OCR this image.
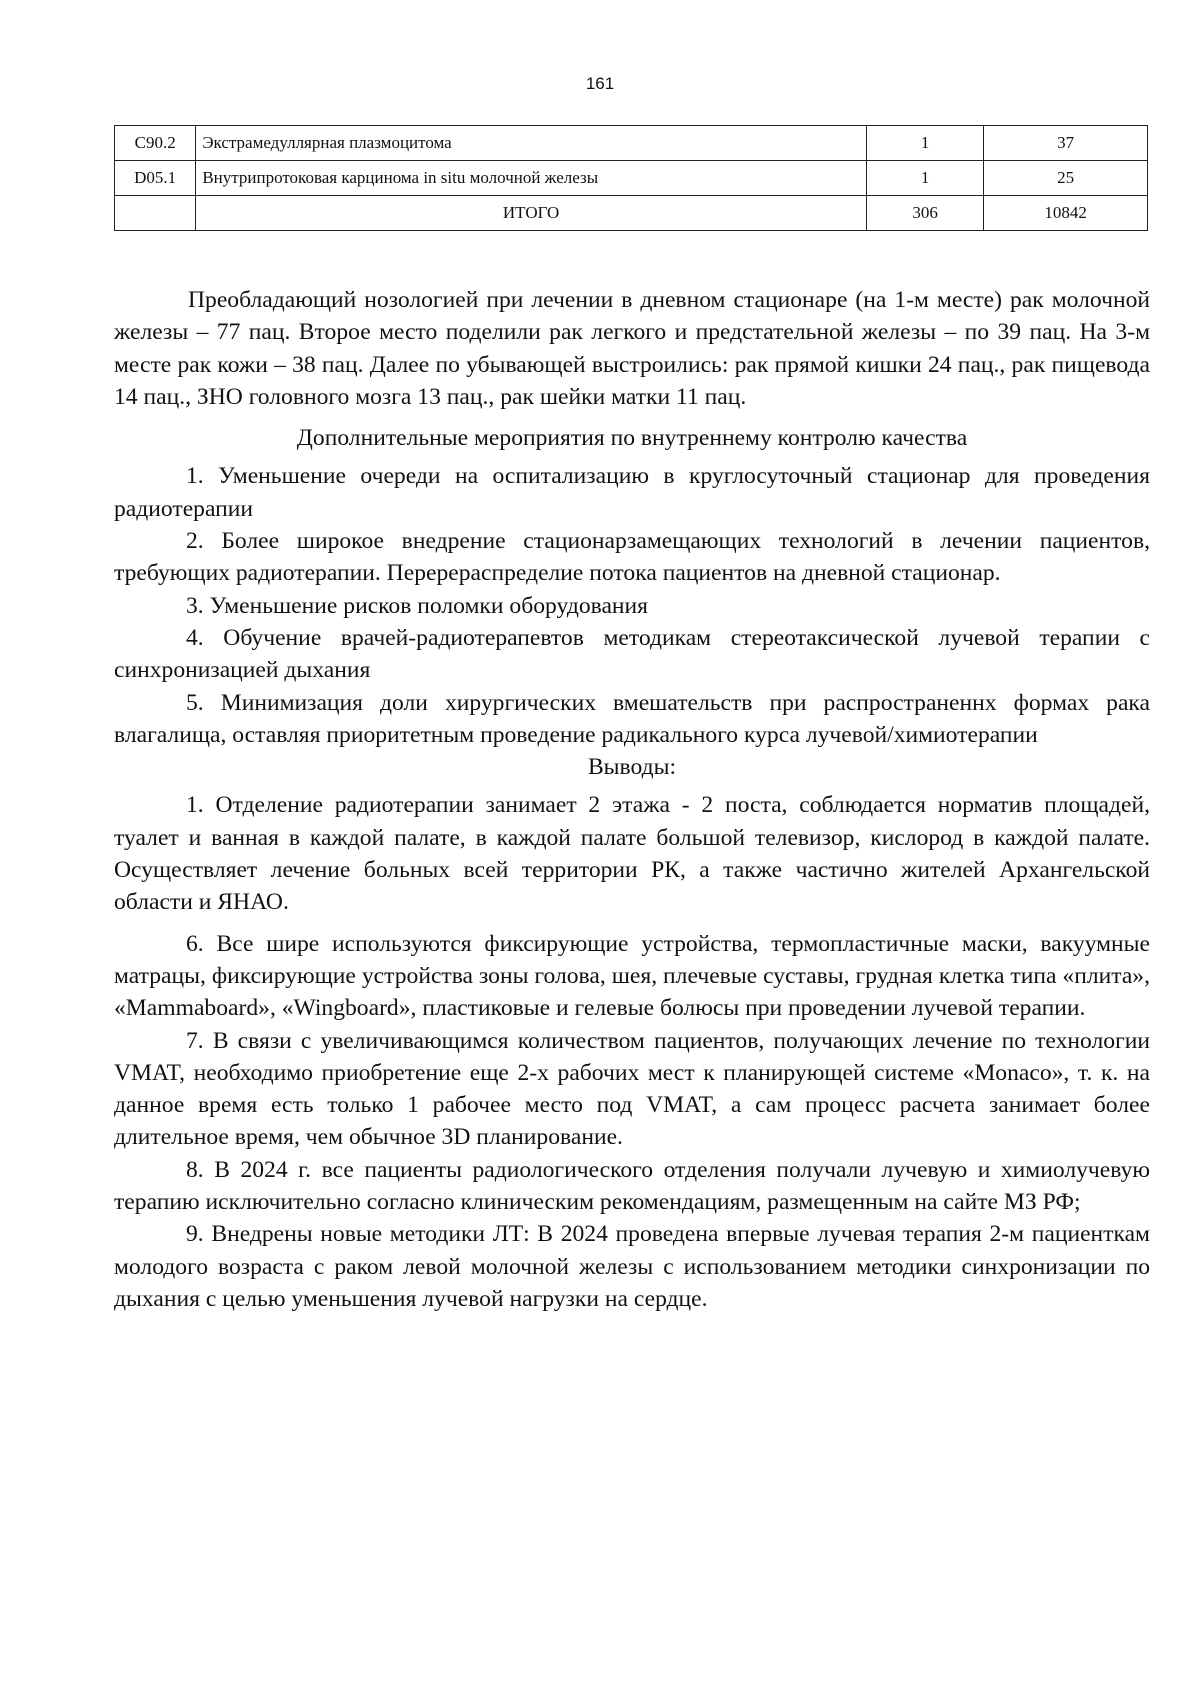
161
C90.2	Экстрамедуллярная плазмоцитома	1	37
D05.1	Внутрипротоковая карцинома in situ молочной железы	1	25
	ИТОГО	306	10842

Преобладающий нозологией при лечении в дневном стационаре (на 1-м месте) рак молочной железы – 77 пац. Второе место поделили рак легкого и предстательной железы – по 39 пац. На 3-м месте рак кожи – 38 пац. Далее по убывающей выстроились: рак прямой кишки 24 пац., рак пищевода 14 пац., ЗНО головного мозга 13 пац., рак шейки матки 11 пац.

Дополнительные мероприятия по внутреннему контролю качества

1. Уменьшение очереди на оспитализацию в круглосуточный стационар для проведения радиотерапии

2. Более широкое внедрение стационарзамещающих технологий в лечении пациентов, требующих радиотерапии. Перерераспределие потока пациентов на дневной стационар.

3. Уменьшение рисков поломки оборудования

4. Обучение врачей-радиотерапевтов методикам стереотаксической лучевой терапии с синхронизацией дыхания

5. Минимизация доли хирургических вмешательств при распространеннх формах рака влагалища, оставляя приоритетным проведение радикального курса лучевой/химиотерапии

Выводы:

1. Отделение радиотерапии занимает 2 этажа - 2 поста, соблюдается норматив площадей, туалет и ванная в каждой палате, в каждой палате большой телевизор, кислород в каждой палате. Осуществляет лечение больных всей территории РК, а также частично жителей Архангельской области и ЯНАО.

6. Все шире используются фиксирующие устройства, термопластичные маски, вакуумные матрацы, фиксирующие устройства зоны голова, шея, плечевые суставы, грудная клетка типа «плита», «Mammaboard», «Wingboard», пластиковые и гелевые болюсы при проведении лучевой терапии.

7. В связи с увеличивающимся количеством пациентов, получающих лечение по технологии VMAT, необходимо приобретение еще 2-х рабочих мест к планирующей системе «Monaco», т. к. на данное время есть только 1 рабочее место под VMAT, а сам процесс расчета занимает более длительное время, чем обычное 3D планирование.

8. В 2024 г. все пациенты радиологического отделения получали лучевую и химиолучевую терапию исключительно согласно клиническим рекомендациям, размещенным на сайте МЗ РФ;

9. Внедрены новые методики ЛТ: В 2024 проведена впервые лучевая терапия 2-м пациенткам молодого возраста с раком левой молочной железы с использованием методики синхронизации по дыхания с целью уменьшения лучевой нагрузки на сердце.
